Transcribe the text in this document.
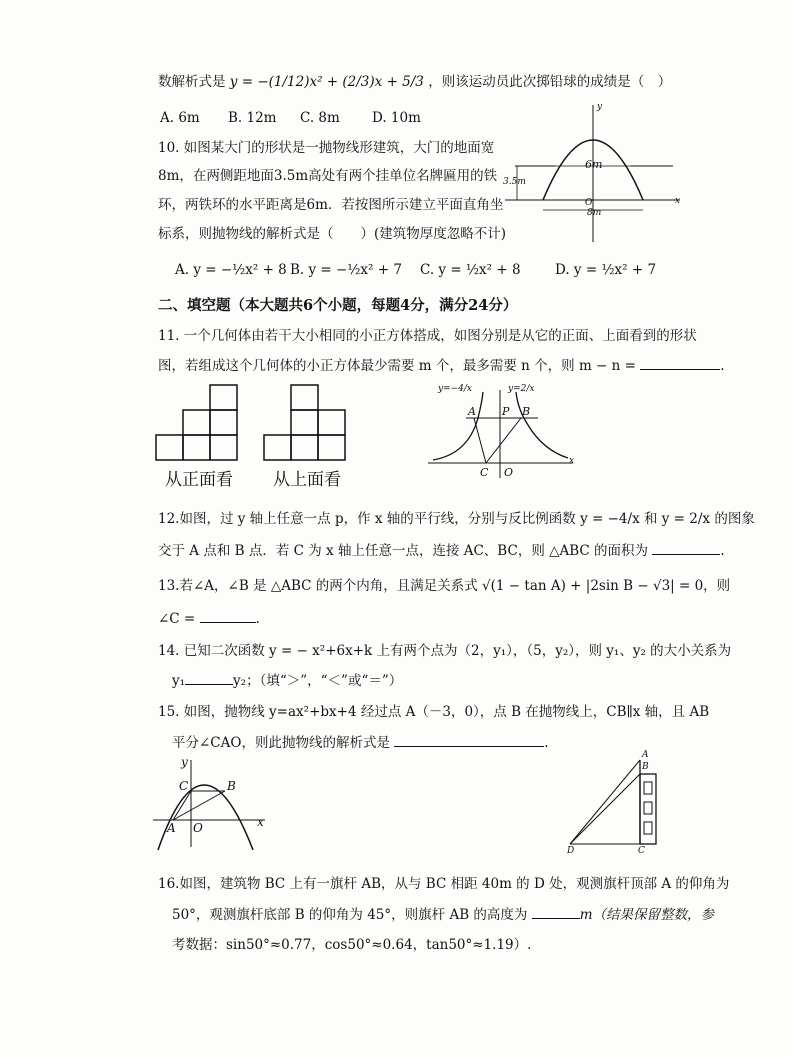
数解析式是 y = −(1/12)x² + (2/3)x + 5/3 ，则该运动员此次掷铅球的成绩是（　）
A. 6m B. 12m C. 8m D. 10m
10. 如图某大门的形状是一抛物线形建筑，大门的地面宽
8m，在两侧距地面3.5m高处有两个挂单位名牌匾用的铁
环，两铁环的水平距离是6m．若按图所示建立平面直角坐
标系，则抛物线的解析式是（　　）(建筑物厚度忽略不计)
A. y = −½x² + 8 B. y = −½x² + 7 C. y = ½x² + 8	D. y = ½x² + 7
6m
3.5m
8m
O	x
y
二、填空题（本大题共6个小题，每题4分，满分24分）
11. 一个几何体由若干大小相同的小正方体搭成，如图分别是从它的正面、上面看到的形状
图，若组成这个几何体的小正方体最少需要 m 个，最多需要 n 个，则 m − n =	.
从正面看 从上面看
y=−4/x	y=2/x
A P B
C O
x
12.如图，过 y 轴上任意一点 p，作 x 轴的平行线，分别与反比例函数 y = −4/x 和 y = 2/x 的图象
交于 A 点和 B 点．若 C 为 x 轴上任意一点，连接 AC、BC，则 △ABC 的面积为	.
13.若∠A，∠B 是 △ABC 的两个内角，且满足关系式 √(1 − tan A) + |2sin B − √3| = 0，则
∠C =	.
14. 已知二次函数 y = − x²+6x+k 上有两个点为（2，y₁），（5，y₂），则 y₁、y₂ 的大小关系为
y₁	y₂；（填“＞”，“＜”或“＝”）
15. 如图，抛物线 y=ax²+bx+4 经过点 A（－3，0），点 B 在抛物线上，CB∥x 轴，且 AB
平分∠CAO，则此抛物线的解析式是	.
y
C	B
A O	x
A
B
C
D
16.如图，建筑物 BC 上有一旗杆 AB，从与 BC 相距 40m 的 D 处，观测旗杆顶部 A 的仰角为
50°，观测旗杆底部 B 的仰角为 45°，则旗杆 AB 的高度为	m（结果保留整数，参
考数据：sin50°≈0.77，cos50°≈0.64，tan50°≈1.19）.
